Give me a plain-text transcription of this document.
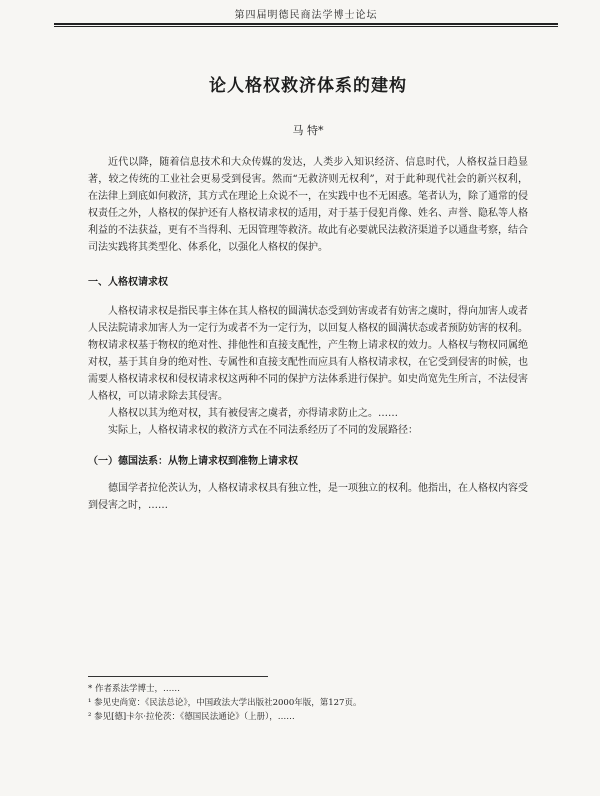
第四届明德民商法学博士论坛
论人格权救济体系的建构
马 特*

近代以降，随着信息技术和大众传媒的发达，人类步入知识经济、信息时代，人格权益日趋显著，较之传统的工业社会更易受到侵害。然而“无救济则无权利”，对于此种现代社会的新兴权利，在法律上到底如何救济，其方式在理论上众说不一，在实践中也不无困惑。笔者认为，除了通常的侵权责任之外，人格权的保护还有人格权请求权的适用，对于基于侵犯肖像、姓名、声誉、隐私等人格利益的不法获益，更有不当得利、无因管理等救济。故此有必要就民法救济渠道予以通盘考察，结合司法实践将其类型化、体系化，以强化人格权的保护。

一、人格权请求权

人格权请求权是指民事主体在其人格权的圆满状态受到妨害或者有妨害之虞时，得向加害人或者人民法院请求加害人为一定行为或者不为一定行为，以回复人格权的圆满状态或者预防妨害的权利。物权请求权基于物权的绝对性、排他性和直接支配性，产生物上请求权的效力。人格权与物权同属绝对权，基于其自身的绝对性、专属性和直接支配性而应具有人格权请求权，在它受到侵害的时候，也需要人格权请求权和侵权请求权这两种不同的保护方法体系进行保护。如史尚宽先生所言，不法侵害人格权，可以请求除去其侵害。

人格权以其为绝对权，其有被侵害之虞者，亦得请求防止之。……

实际上，人格权请求权的救济方式在不同法系经历了不同的发展路径：

（一）德国法系：从物上请求权到准物上请求权

德国学者拉伦茨认为，人格权请求权具有独立性，是一项独立的权利。他指出，在人格权内容受到侵害之时，……

* 作者系法学博士，……

¹ 参见史尚宽：《民法总论》，中国政法大学出版社2000年版，第127页。

² 参见[德]卡尔·拉伦茨：《德国民法通论》（上册），……
